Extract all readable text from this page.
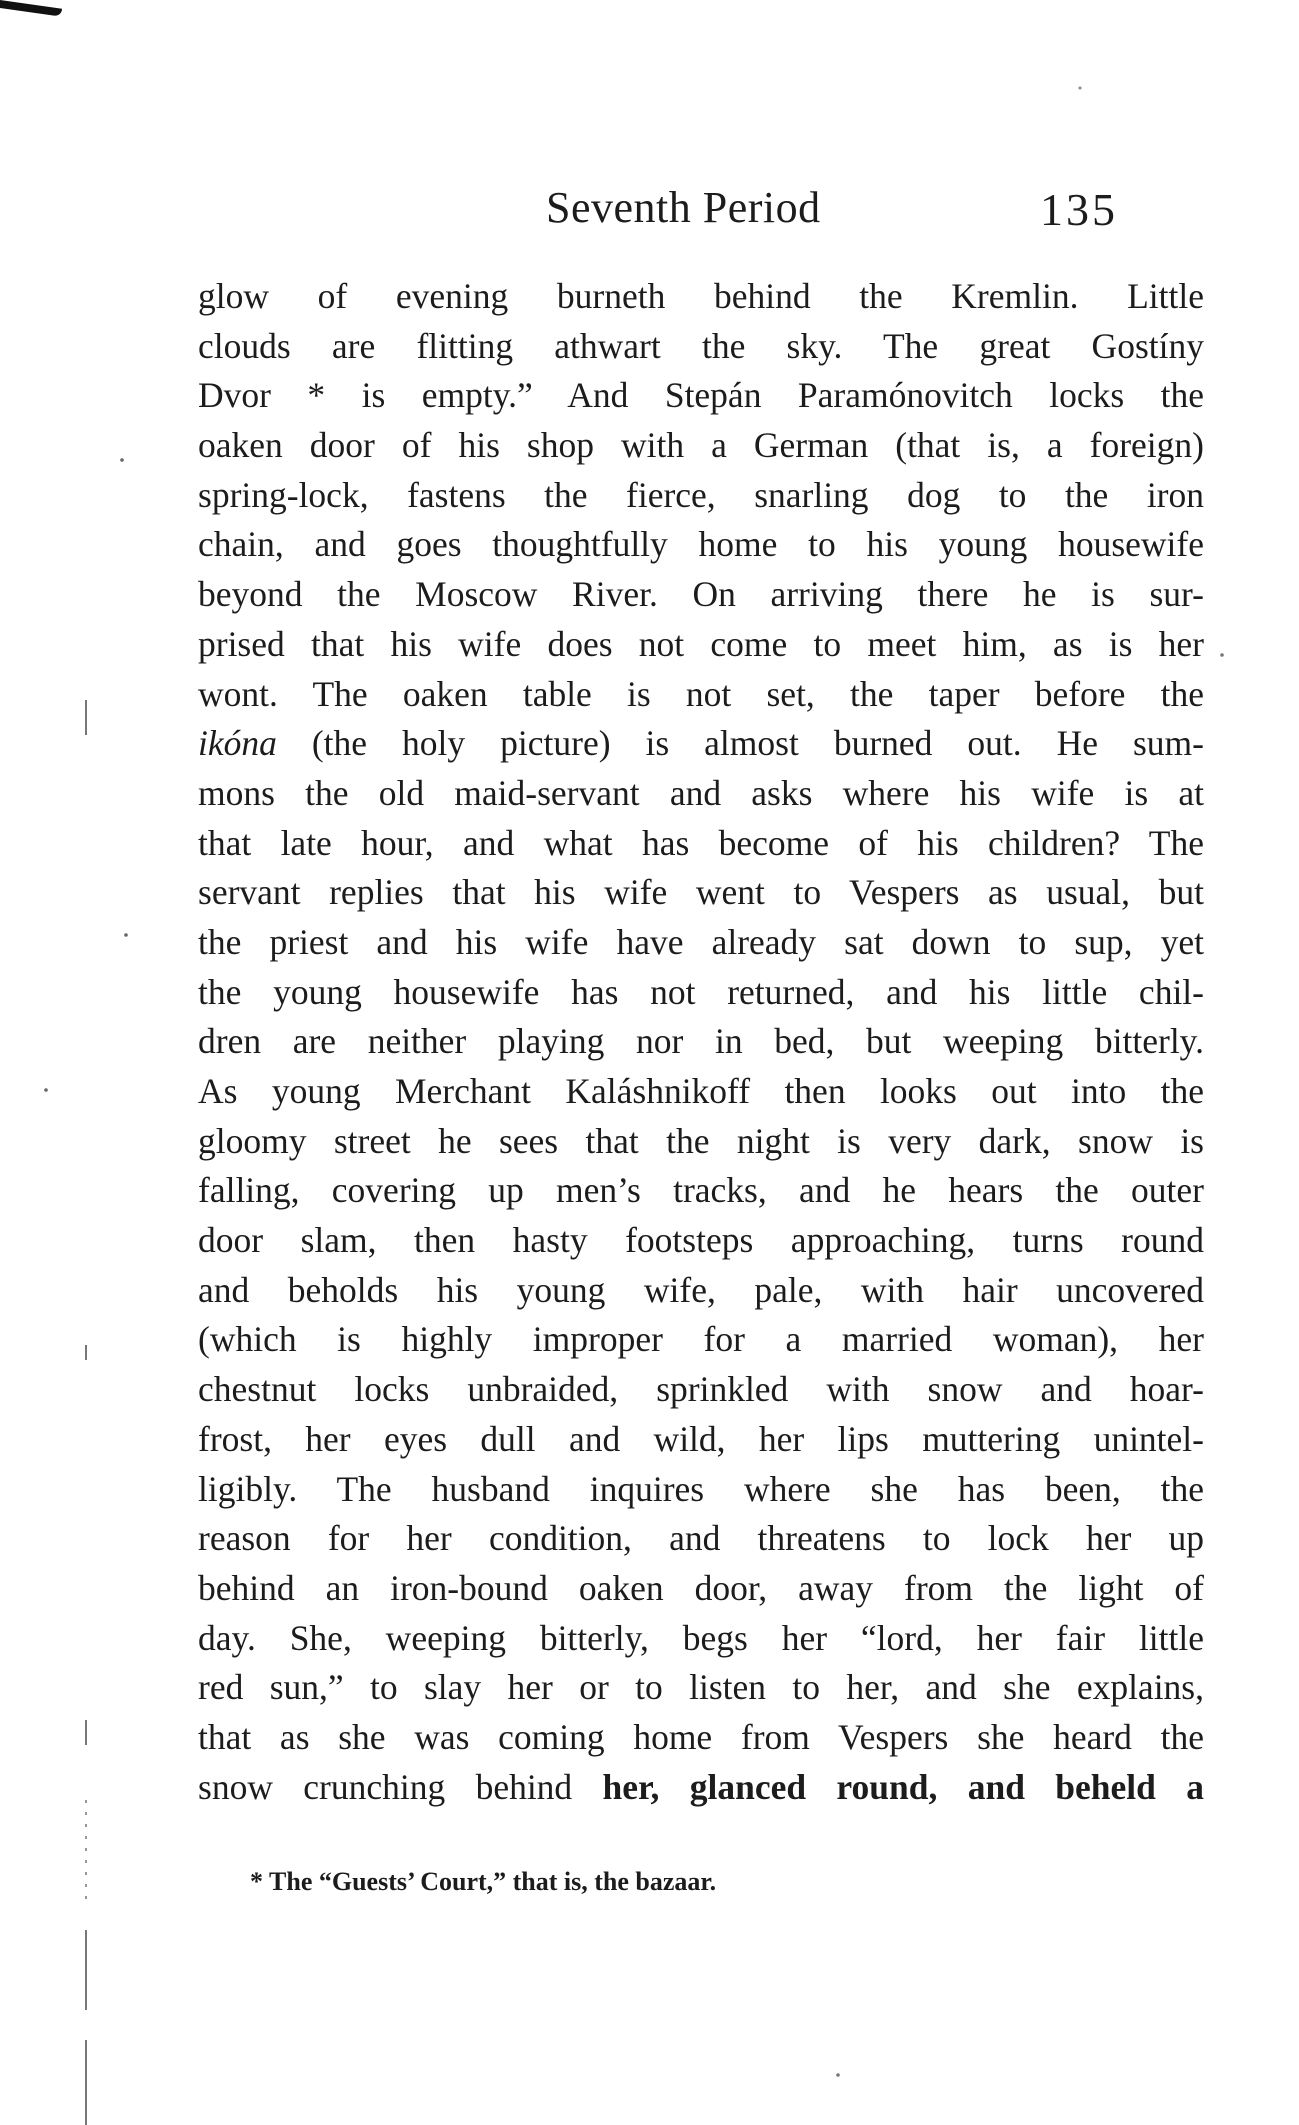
Seventh Period	135
glow of evening burneth behind the Kremlin. Little
clouds are flitting athwart the sky. The great Gostíny
Dvor * is empty.” And Stepán Paramónovitch locks the
oaken door of his shop with a German (that is, a foreign)
spring-lock, fastens the fierce, snarling dog to the iron
chain, and goes thoughtfully home to his young housewife
beyond the Moscow River. On arriving there he is sur-
prised that his wife does not come to meet him, as is her
wont. The oaken table is not set, the taper before the
ikóna (the holy picture) is almost burned out. He sum-
mons the old maid-servant and asks where his wife is at
that late hour, and what has become of his children? The
servant replies that his wife went to Vespers as usual, but
the priest and his wife have already sat down to sup, yet
the young housewife has not returned, and his little chil-
dren are neither playing nor in bed, but weeping bitterly.
As young Merchant Kaláshnikoff then looks out into the
gloomy street he sees that the night is very dark, snow is
falling, covering up men’s tracks, and he hears the outer
door slam, then hasty footsteps approaching, turns round
and beholds his young wife, pale, with hair uncovered
(which is highly improper for a married woman), her
chestnut locks unbraided, sprinkled with snow and hoar-
frost, her eyes dull and wild, her lips muttering unintel-
ligibly. The husband inquires where she has been, the
reason for her condition, and threatens to lock her up
behind an iron-bound oaken door, away from the light of
day. She, weeping bitterly, begs her “lord, her fair little
red sun,” to slay her or to listen to her, and she explains,
that as she was coming home from Vespers she heard the
snow crunching behind her, glanced round, and beheld a

* The “Guests’ Court,” that is, the bazaar.
